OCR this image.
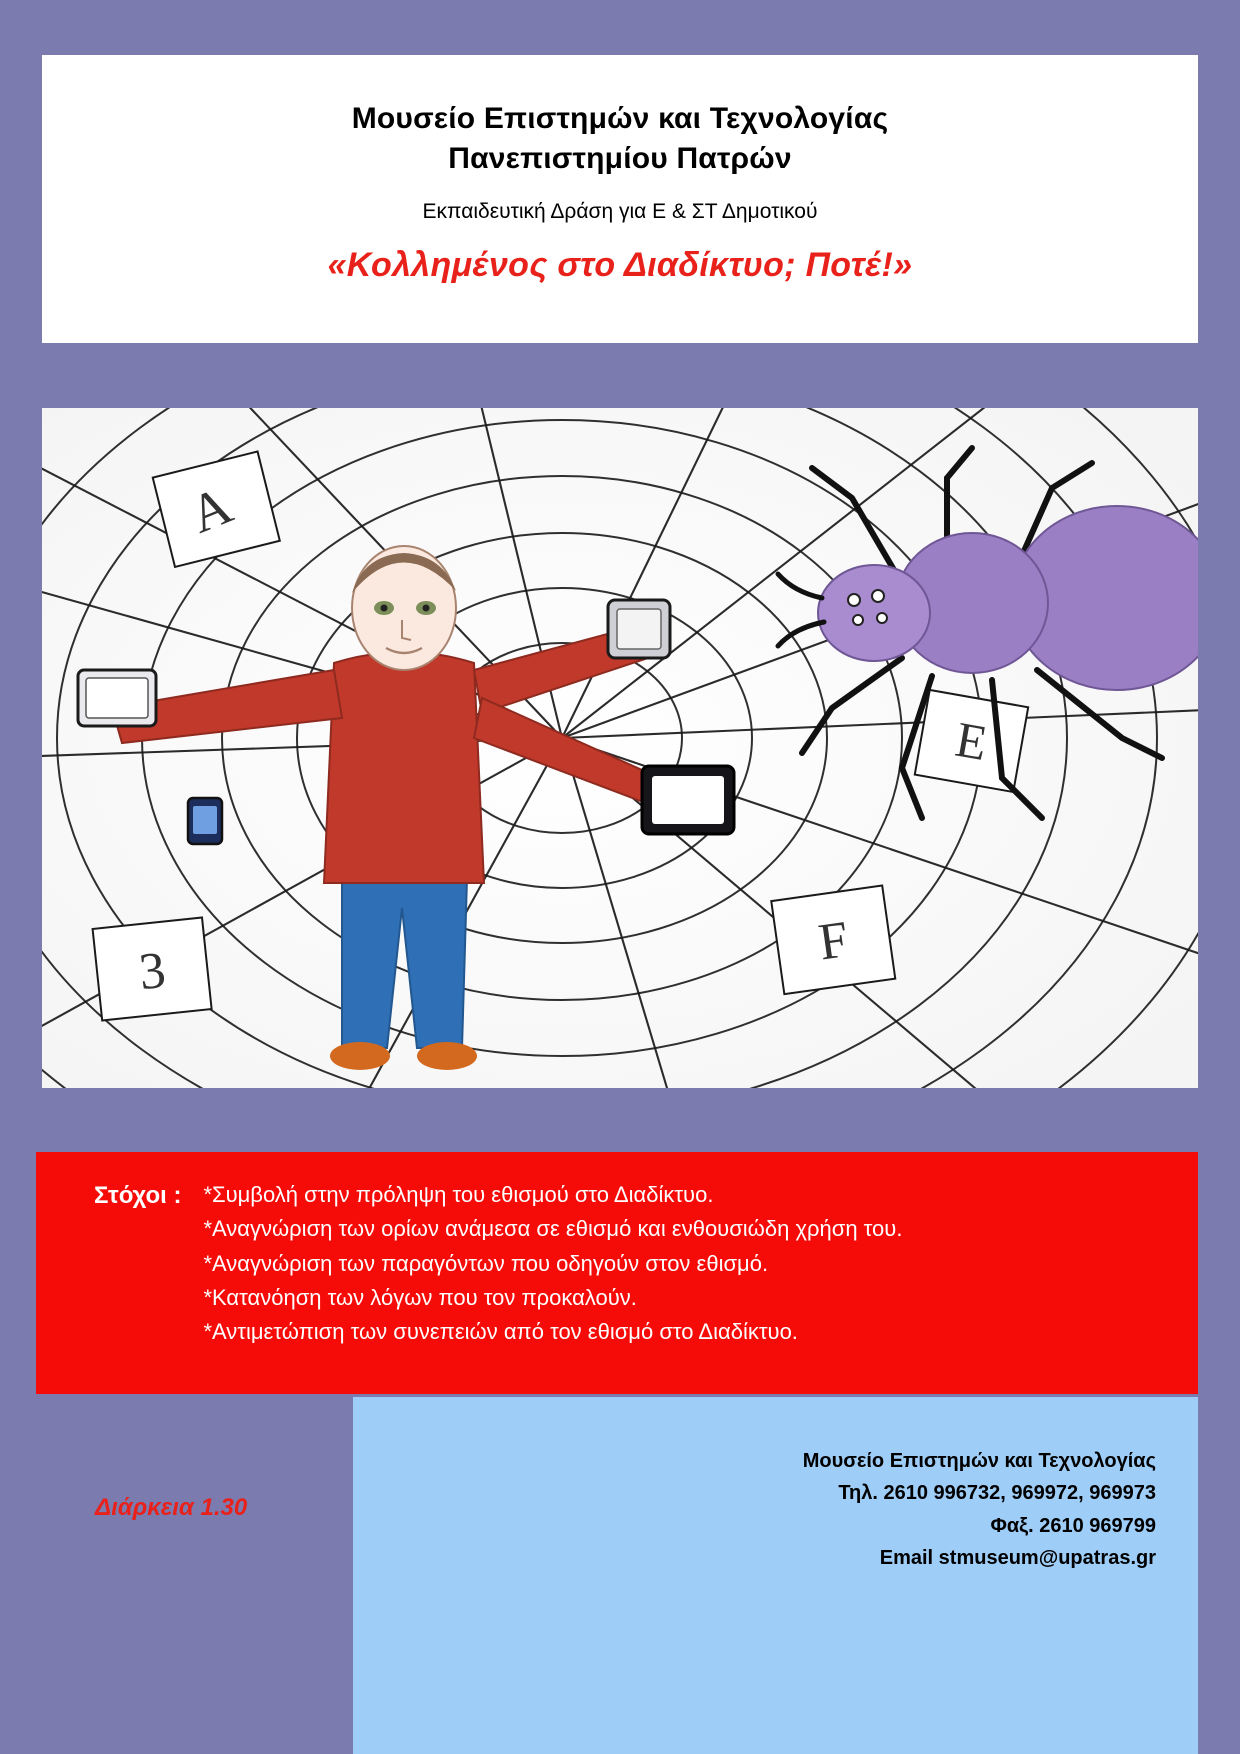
Μουσείο Επιστημών και Τεχνολογίας
Πανεπιστημίου Πατρών
Εκπαιδευτική Δράση για Ε & ΣΤ Δημοτικού
«Κολλημένος στο Διαδίκτυο; Ποτέ!»
A
E
F
3
Στόχοι :	*Συμβολή στην πρόληψη του εθισμού στο Διαδίκτυο.
*Αναγνώριση των ορίων ανάμεσα σε εθισμό και ενθουσιώδη χρήση του.
*Αναγνώριση των παραγόντων που οδηγούν στον εθισμό.
*Κατανόηση των λόγων που τον προκαλούν.
*Αντιμετώπιση των συνεπειών από τον εθισμό στο Διαδίκτυο.
Μουσείο Επιστημών και Τεχνολογίας
Τηλ. 2610 996732, 969972, 969973
Φαξ. 2610 969799
Email stmuseum@upatras.gr
Διάρκεια 1.30
